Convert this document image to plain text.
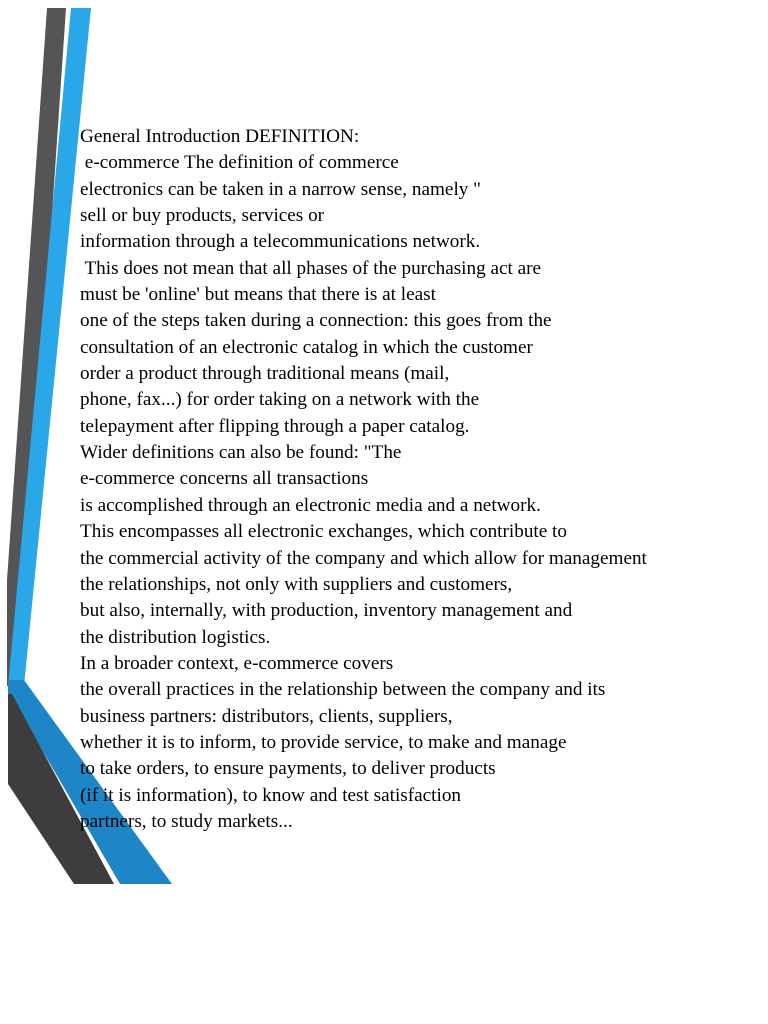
General Introduction DEFINITION:
e-commerce The definition of commerce
electronics can be taken in a narrow sense, namely "
sell or buy products, services or
information through a telecommunications network.
This does not mean that all phases of the purchasing act are
must be 'online' but means that there is at least
one of the steps taken during a connection: this goes from the
consultation of an electronic catalog in which the customer
order a product through traditional means (mail,
phone, fax...) for order taking on a network with the
telepayment after flipping through a paper catalog.
Wider definitions can also be found: "The
e-commerce concerns all transactions
is accomplished through an electronic media and a network.
This encompasses all electronic exchanges, which contribute to
the commercial activity of the company and which allow for management
the relationships, not only with suppliers and customers,
but also, internally, with production, inventory management and
the distribution logistics.
In a broader context, e-commerce covers
the overall practices in the relationship between the company and its
business partners: distributors, clients, suppliers,
whether it is to inform, to provide service, to make and manage
to take orders, to ensure payments, to deliver products
(if it is information), to know and test satisfaction
partners, to study markets...
